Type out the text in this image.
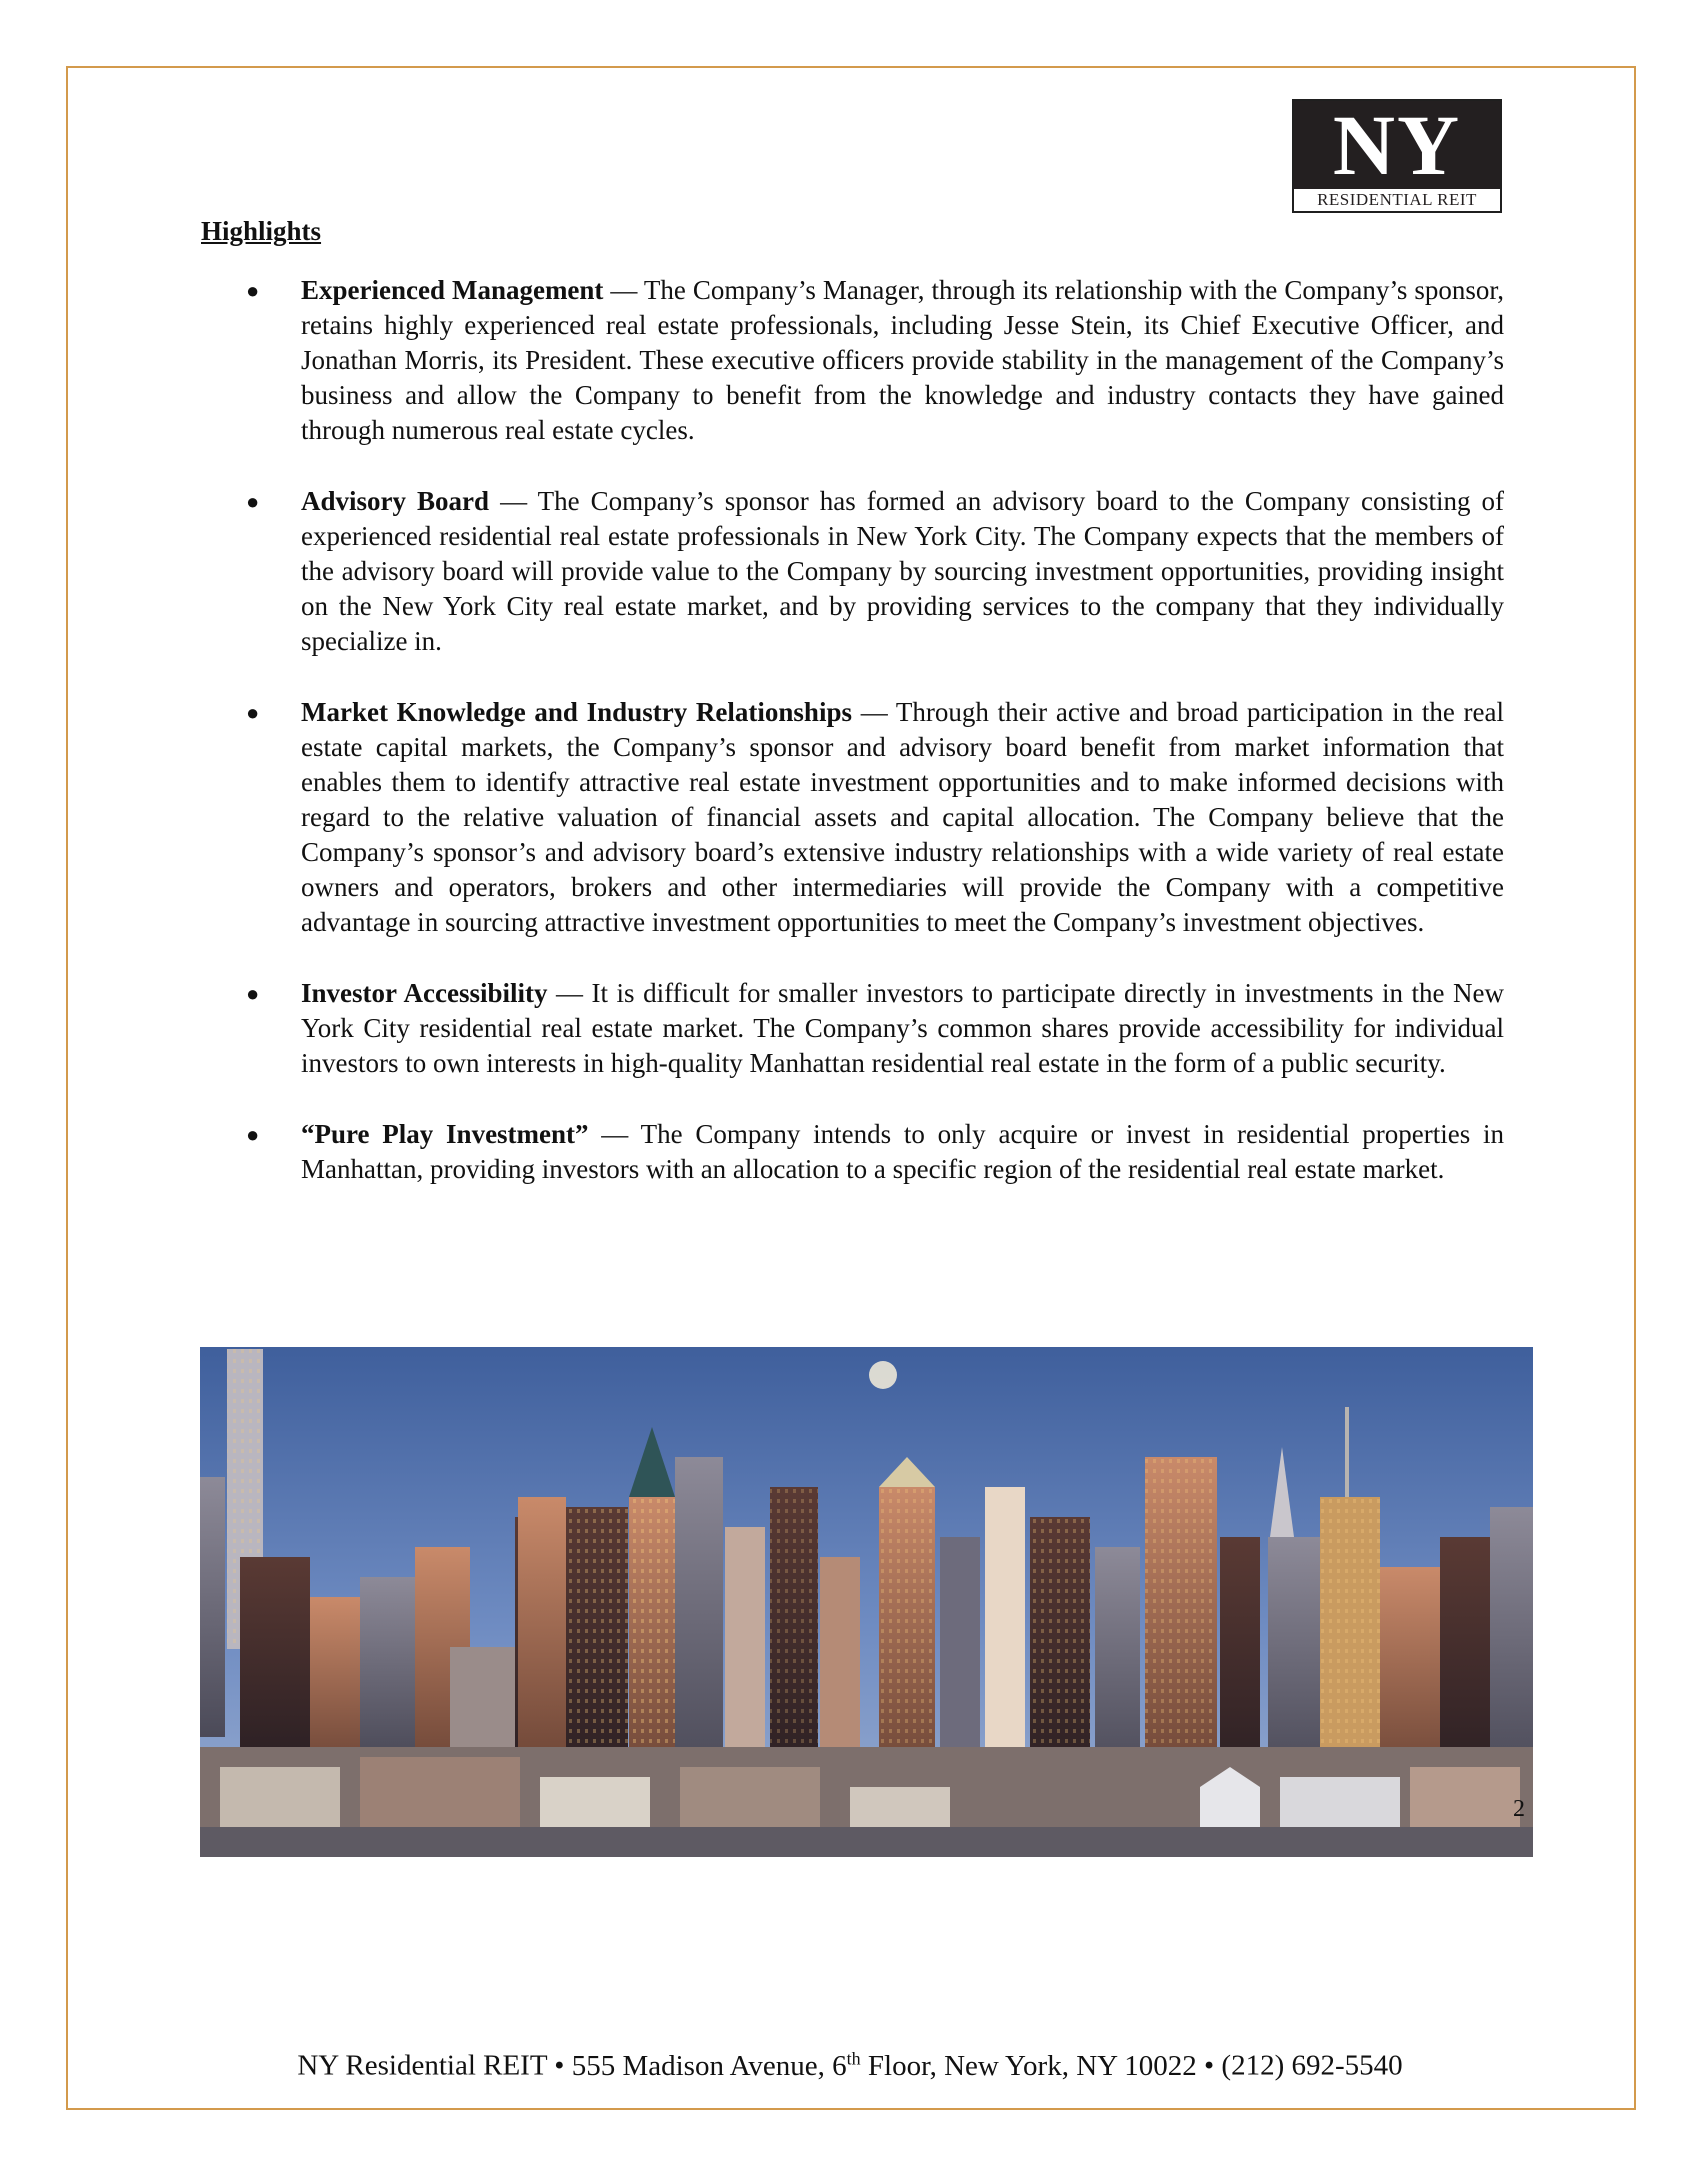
NY
RESIDENTIAL REIT
Highlights
●	Experienced Management — The Company’s Manager, through its relationship with the Company’s sponsor, retains highly experienced real estate professionals, including Jesse Stein, its Chief Executive Officer, and Jonathan Morris, its President. These executive officers provide stability in the management of the Company’s business and allow the Company to benefit from the knowledge and industry contacts they have gained through numerous real estate cycles.
●	Advisory Board — The Company’s sponsor has formed an advisory board to the Company consisting of experienced residential real estate professionals in New York City. The Company expects that the members of the advisory board will provide value to the Company by sourcing investment opportunities, providing insight on the New York City real estate market, and by providing services to the company that they individually specialize in.
●	Market Knowledge and Industry Relationships — Through their active and broad participation in the real estate capital markets, the Company’s sponsor and advisory board benefit from market information that enables them to identify attractive real estate investment opportunities and to make informed decisions with regard to the relative valuation of financial assets and capital allocation. The Company believe that the Company’s sponsor’s and advisory board’s extensive industry relationships with a wide variety of real estate owners and operators, brokers and other intermediaries will provide the Company with a competitive advantage in sourcing attractive investment opportunities to meet the Company’s investment objectives.
●	Investor Accessibility — It is difficult for smaller investors to participate directly in investments in the New York City residential real estate market. The Company’s common shares provide accessibility for individual investors to own interests in high-quality Manhattan residential real estate in the form of a public security.
●	“Pure Play Investment” — The Company intends to only acquire or invest in residential properties in Manhattan, providing investors with an allocation to a specific region of the residential real estate market.
2
NY Residential REIT • 555 Madison Avenue, 6th Floor, New York, NY 10022 • (212) 692-5540
